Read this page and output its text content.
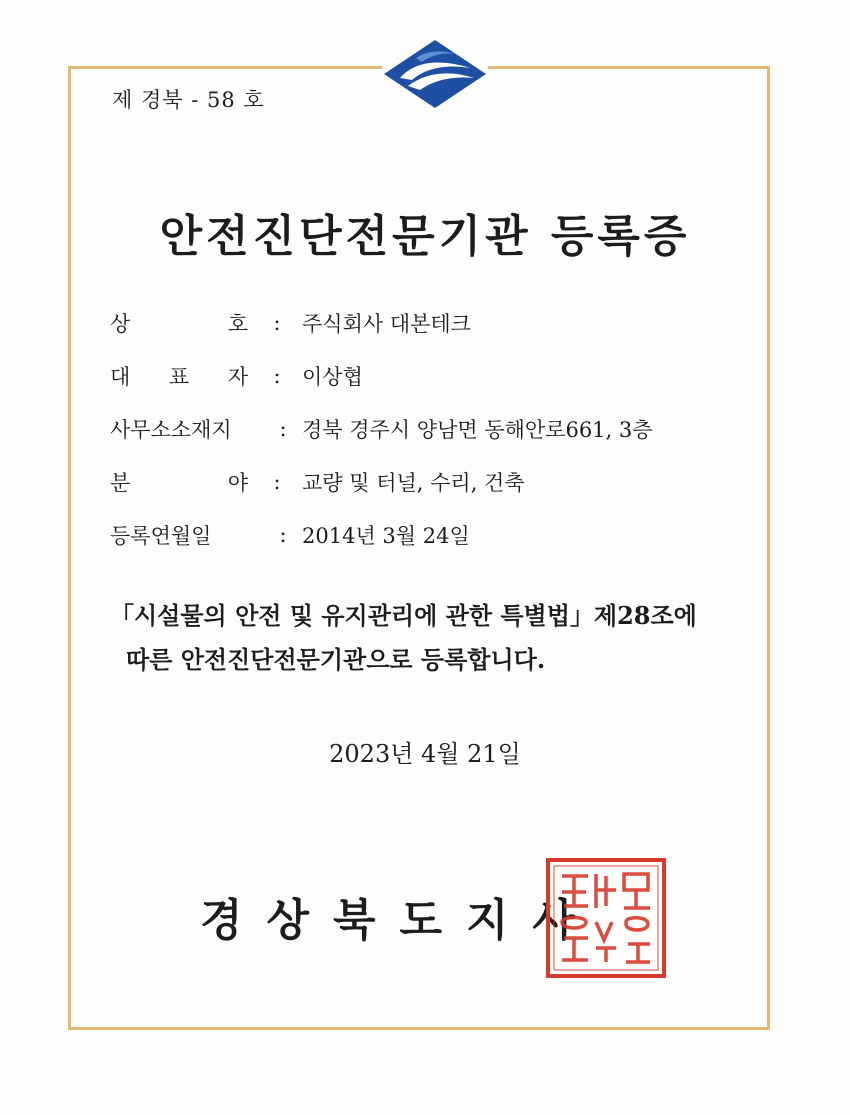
제 경북 - 58 호
안전진단전문기관 등록증
상	호	:	주식회사 대본테크
대 표 자	:	이상협
사무소소재지	: 경북 경주시 양남면 동해안로661, 3층
분	야	:	교량 및 터널, 수리, 건축
등록연월일	: 2014년 3월 24일
「시설물의 안전 및 유지관리에 관한 특별법」제28조에
따른 안전진단전문기관으로 등록합니다.
2023년 4월 21일
경상북도지사
